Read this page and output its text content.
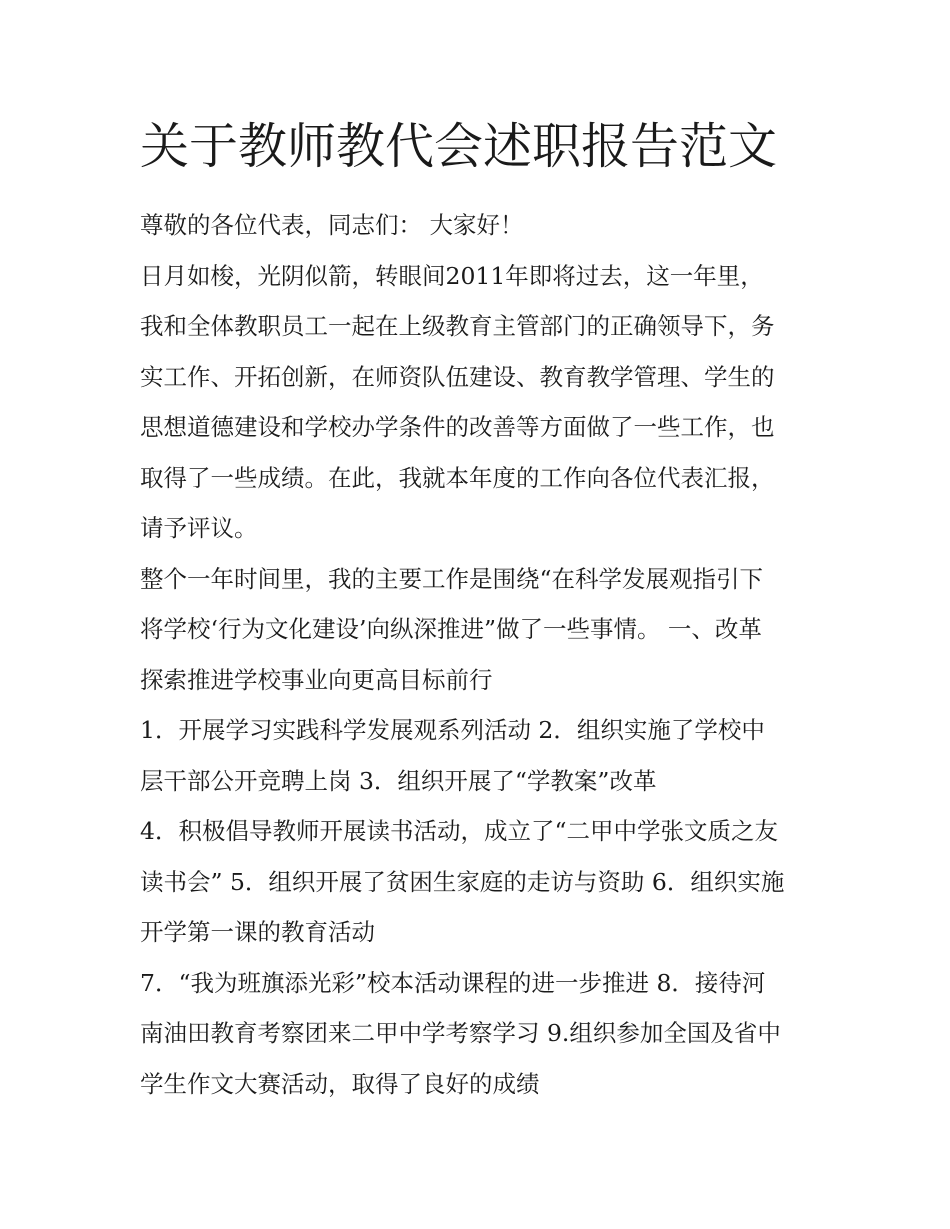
关于教师教代会述职报告范文
尊敬的各位代表，同志们： 大家好！
日月如梭，光阴似箭，转眼间2011年即将过去，这一年里，
我和全体教职员工一起在上级教育主管部门的正确领导下，务
实工作、开拓创新，在师资队伍建设、教育教学管理、学生的
思想道德建设和学校办学条件的改善等方面做了一些工作，也
取得了一些成绩。在此，我就本年度的工作向各位代表汇报，
请予评议。
整个一年时间里，我的主要工作是围绕“在科学发展观指引下
将学校‘行为文化建设’向纵深推进”做了一些事情。 一、改革
探索推进学校事业向更高目标前行
1．开展学习实践科学发展观系列活动 2．组织实施了学校中
层干部公开竞聘上岗 3．组织开展了“学教案”改革
4．积极倡导教师开展读书活动，成立了“二甲中学张文质之友
读书会” 5．组织开展了贫困生家庭的走访与资助 6．组织实施
开学第一课的教育活动
7．“我为班旗添光彩”校本活动课程的进一步推进 8．接待河
南油田教育考察团来二甲中学考察学习 9.组织参加全国及省中
学生作文大赛活动，取得了良好的成绩
